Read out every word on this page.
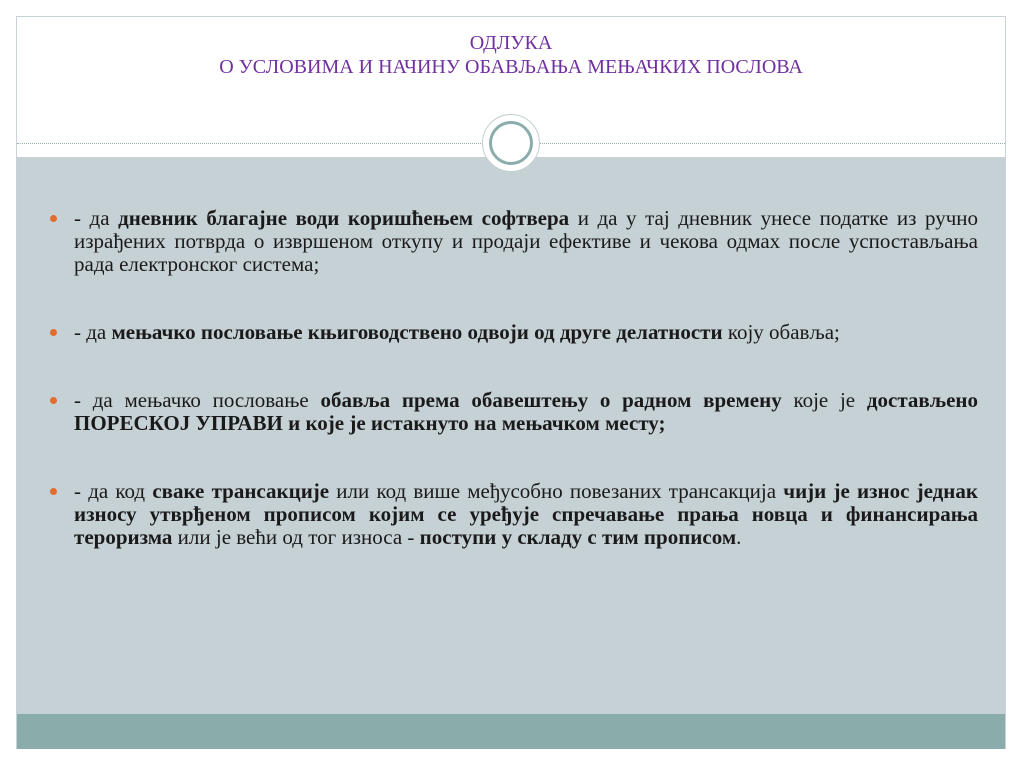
ОДЛУКА
О УСЛОВИМА И НАЧИНУ ОБАВЉАЊА МЕЊАЧКИХ ПОСЛОВА
- да дневник благајне води коришћењем софтвера и да у тај дневник унесе податке из ручно израђених потврда о извршеном откупу и продаји ефективе и чекова одмах после успостављања рада електронског система;
- да мењачко пословање књиговодствено одвоји од друге делатности коју обавља;
- да мењачко пословање обавља према обавештењу о радном времену које је достављено ПОРЕСКОЈ УПРАВИ и које је истакнуто на мењачком месту;
- да код сваке трансакције или код више међусобно повезаних трансакција чији је износ једнак износу утврђеном прописом којим се уређује спречавање прања новца и финансирања тероризма или је већи од тог износа - поступи у складу с тим прописом.
